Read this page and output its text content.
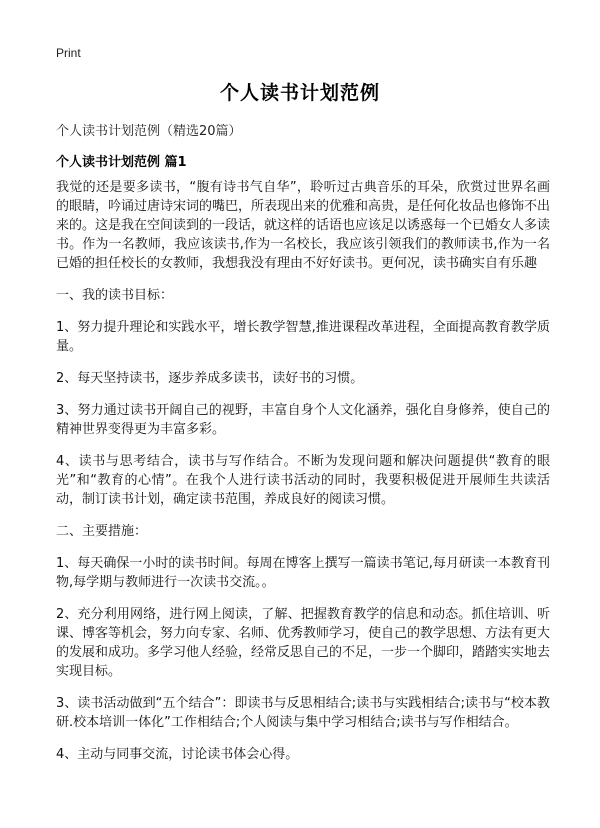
Print
个人读书计划范例
个人读书计划范例（精选20篇）
个人读书计划范例 篇1

我觉的还是要多读书，“腹有诗书气自华”，聆听过古典音乐的耳朵，欣赏过世界名画的眼睛，吟诵过唐诗宋词的嘴巴，所表现出来的优雅和高贵，是任何化妆品也修饰不出来的。这是我在空间读到的一段话，就这样的话语也应该足以诱惑每一个已婚女人多读书。作为一名教师，我应该读书,作为一名校长，我应该引领我们的教师读书,作为一名已婚的担任校长的女教师，我想我没有理由不好好读书。更何况，读书确实自有乐趣

一、我的读书目标：

1、努力提升理论和实践水平，增长教学智慧,推进课程改革进程，全面提高教育教学质量。

2、每天坚持读书，逐步养成多读书，读好书的习惯。

3、努力通过读书开阔自己的视野，丰富自身个人文化涵养，强化自身修养，使自己的精神世界变得更为丰富多彩。

4、读书与思考结合，读书与写作结合。不断为发现问题和解决问题提供“教育的眼光”和“教育的心情”。在我个人进行读书活动的同时，我要积极促进开展师生共读活动，制订读书计划，确定读书范围，养成良好的阅读习惯。

二、主要措施：

1、每天确保一小时的读书时间。每周在博客上撰写一篇读书笔记,每月研读一本教育刊物,每学期与教师进行一次读书交流。。

2、充分利用网络，进行网上阅读，了解、把握教育教学的信息和动态。抓住培训、听课、博客等机会，努力向专家、名师、优秀教师学习，使自己的教学思想、方法有更大的发展和成功。多学习他人经验，经常反思自己的不足，一步一个脚印，踏踏实实地去实现目标。

3、读书活动做到“五个结合”：即读书与反思相结合;读书与实践相结合;读书与“校本教研.校本培训一体化”工作相结合;个人阅读与集中学习相结合;读书与写作相结合。

4、主动与同事交流，讨论读书体会心得。
